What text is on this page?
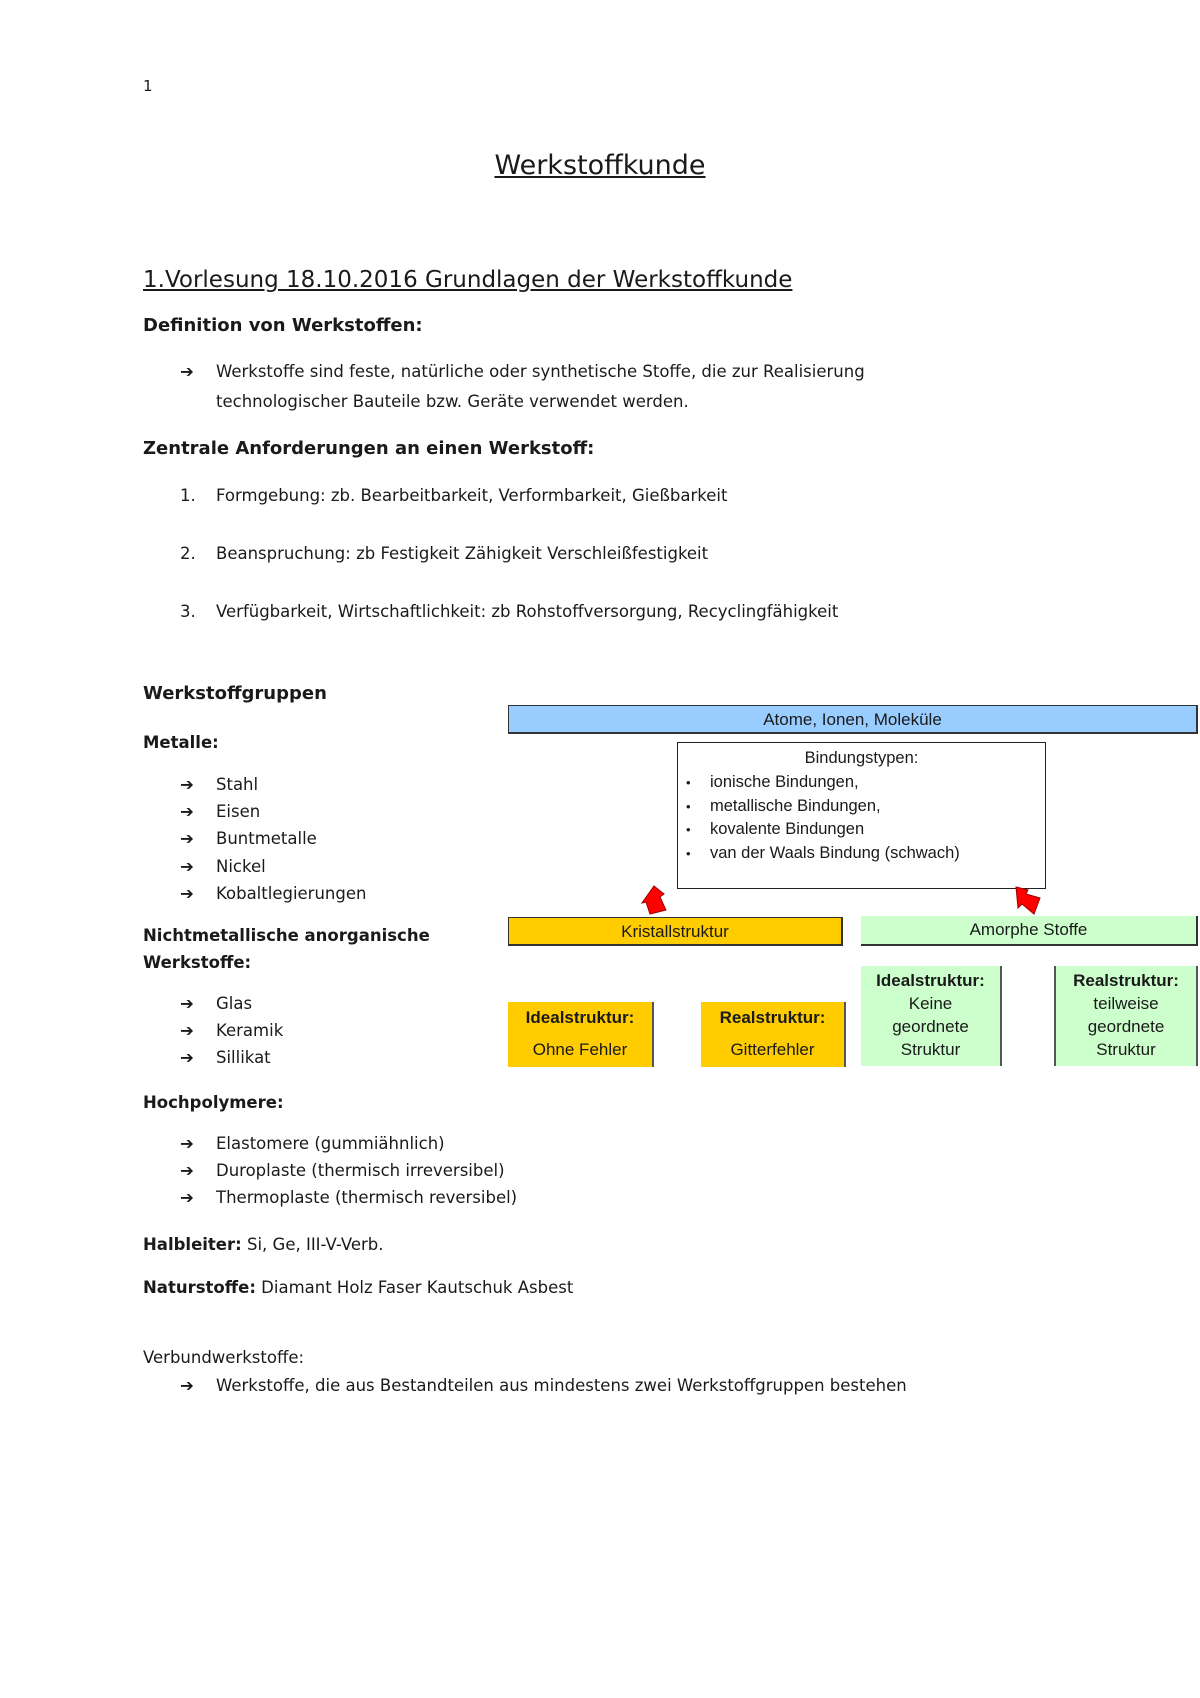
1
Werkstoffkunde
1.Vorlesung 18.10.2016 Grundlagen der Werkstoffkunde
Definition von Werkstoffen:
➔ Werkstoffe sind feste, natürliche oder synthetische Stoffe, die zur Realisierung
technologischer Bauteile bzw. Geräte verwendet werden.
Zentrale Anforderungen an einen Werkstoff:
1. Formgebung: zb. Bearbeitbarkeit, Verformbarkeit, Gießbarkeit
2. Beanspruchung: zb Festigkeit Zähigkeit Verschleißfestigkeit
3. Verfügbarkeit, Wirtschaftlichkeit: zb Rohstoffversorgung, Recyclingfähigkeit
Werkstoffgruppen
Metalle:
➔ Stahl
➔ Eisen
➔ Buntmetalle
➔ Nickel
➔ Kobaltlegierungen
Nichtmetallische anorganische
Werkstoffe:
➔ Glas
➔ Keramik
➔ Sillikat
Hochpolymere:
➔ Elastomere (gummiähnlich)
➔ Duroplaste (thermisch irreversibel)
➔ Thermoplaste (thermisch reversibel)
Halbleiter: Si, Ge, III-V-Verb.
Naturstoffe: Diamant Holz Faser Kautschuk Asbest
Verbundwerkstoffe:
➔ Werkstoffe, die aus Bestandteilen aus mindestens zwei Werkstoffgruppen bestehen
Atome, Ionen, Moleküle
Bindungstypen:
• ionische Bindungen,
• metallische Bindungen,
• kovalente Bindungen
• van der Waals Bindung (schwach)
Kristallstruktur	Amorphe Stoffe
Idealstruktur:
Ohne Fehler
Realstruktur:
Gitterfehler
Idealstruktur:
Keine
geordnete
Struktur
Realstruktur:
teilweise
geordnete
Struktur
